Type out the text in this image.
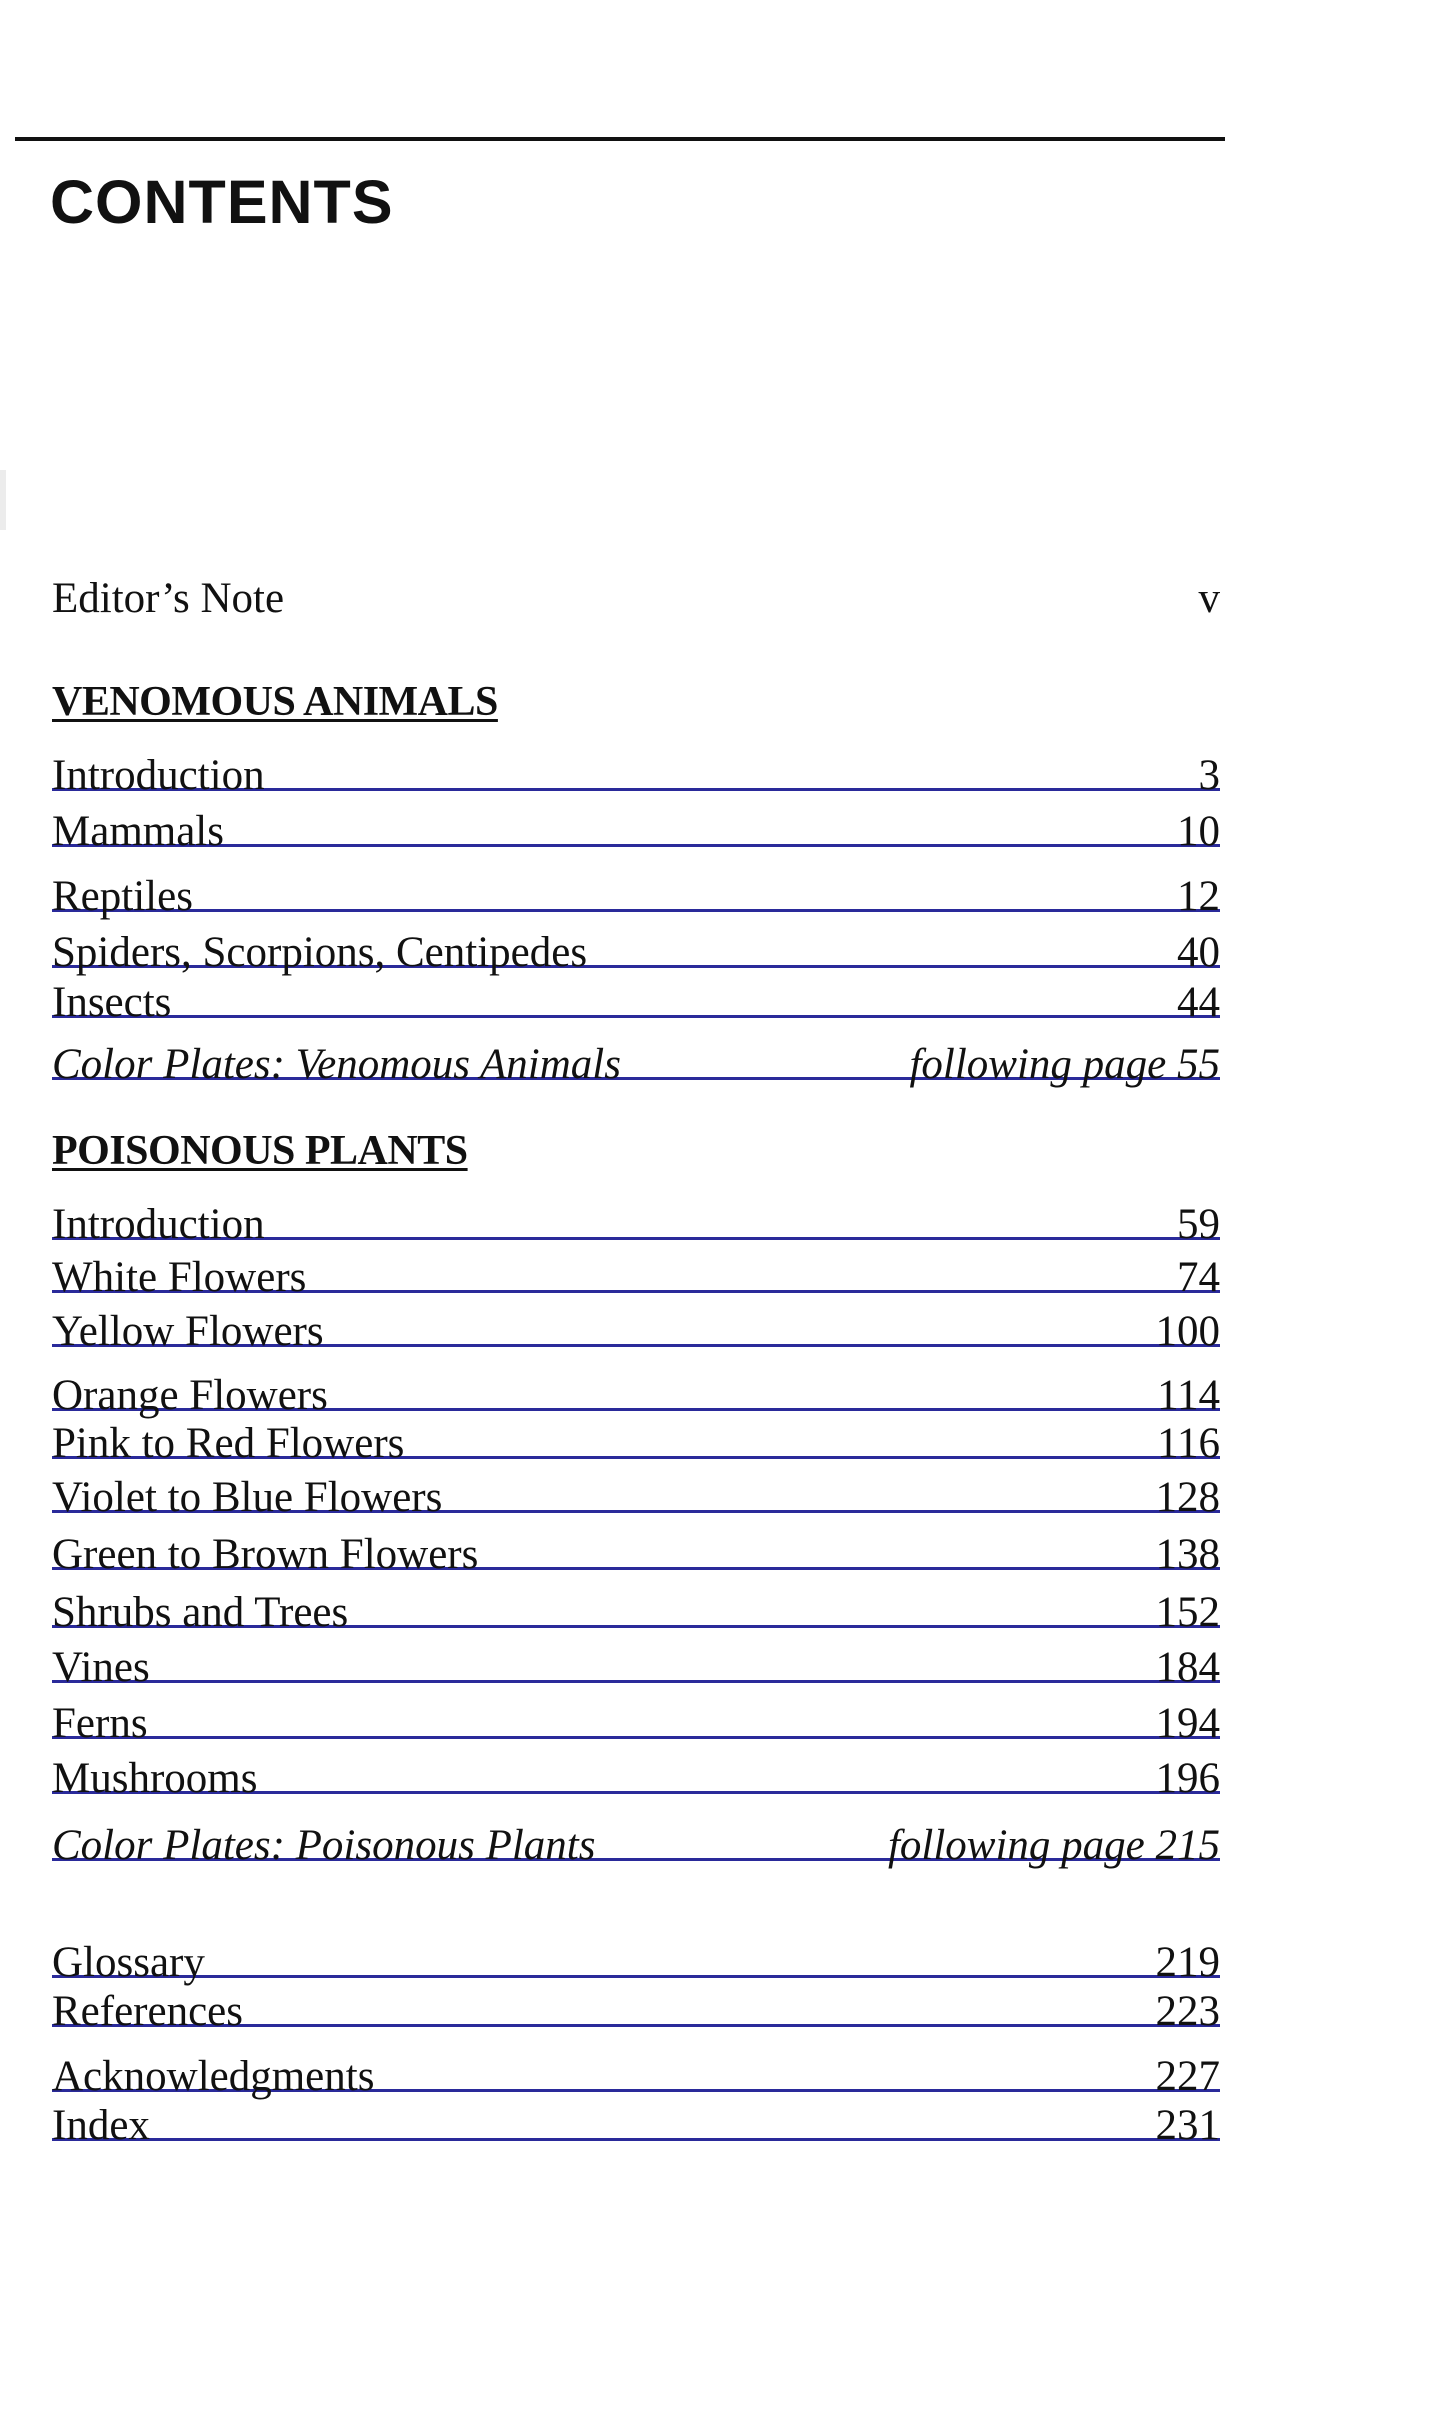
CONTENTS
Editor’s Note	v
VENOMOUS ANIMALS
Introduction	3
Mammals	10
Reptiles	12
Spiders, Scorpions, Centipedes	40
Insects	44
Color Plates: Venomous Animals	following page 55
POISONOUS PLANTS
Introduction	59
White Flowers	74
Yellow Flowers	100
Orange Flowers	114
Pink to Red Flowers	116
Violet to Blue Flowers	128
Green to Brown Flowers	138
Shrubs and Trees	152
Vines	184
Ferns	194
Mushrooms	196
Color Plates: Poisonous Plants	following page 215
Glossary	219
References	223
Acknowledgments	227
Index	231
